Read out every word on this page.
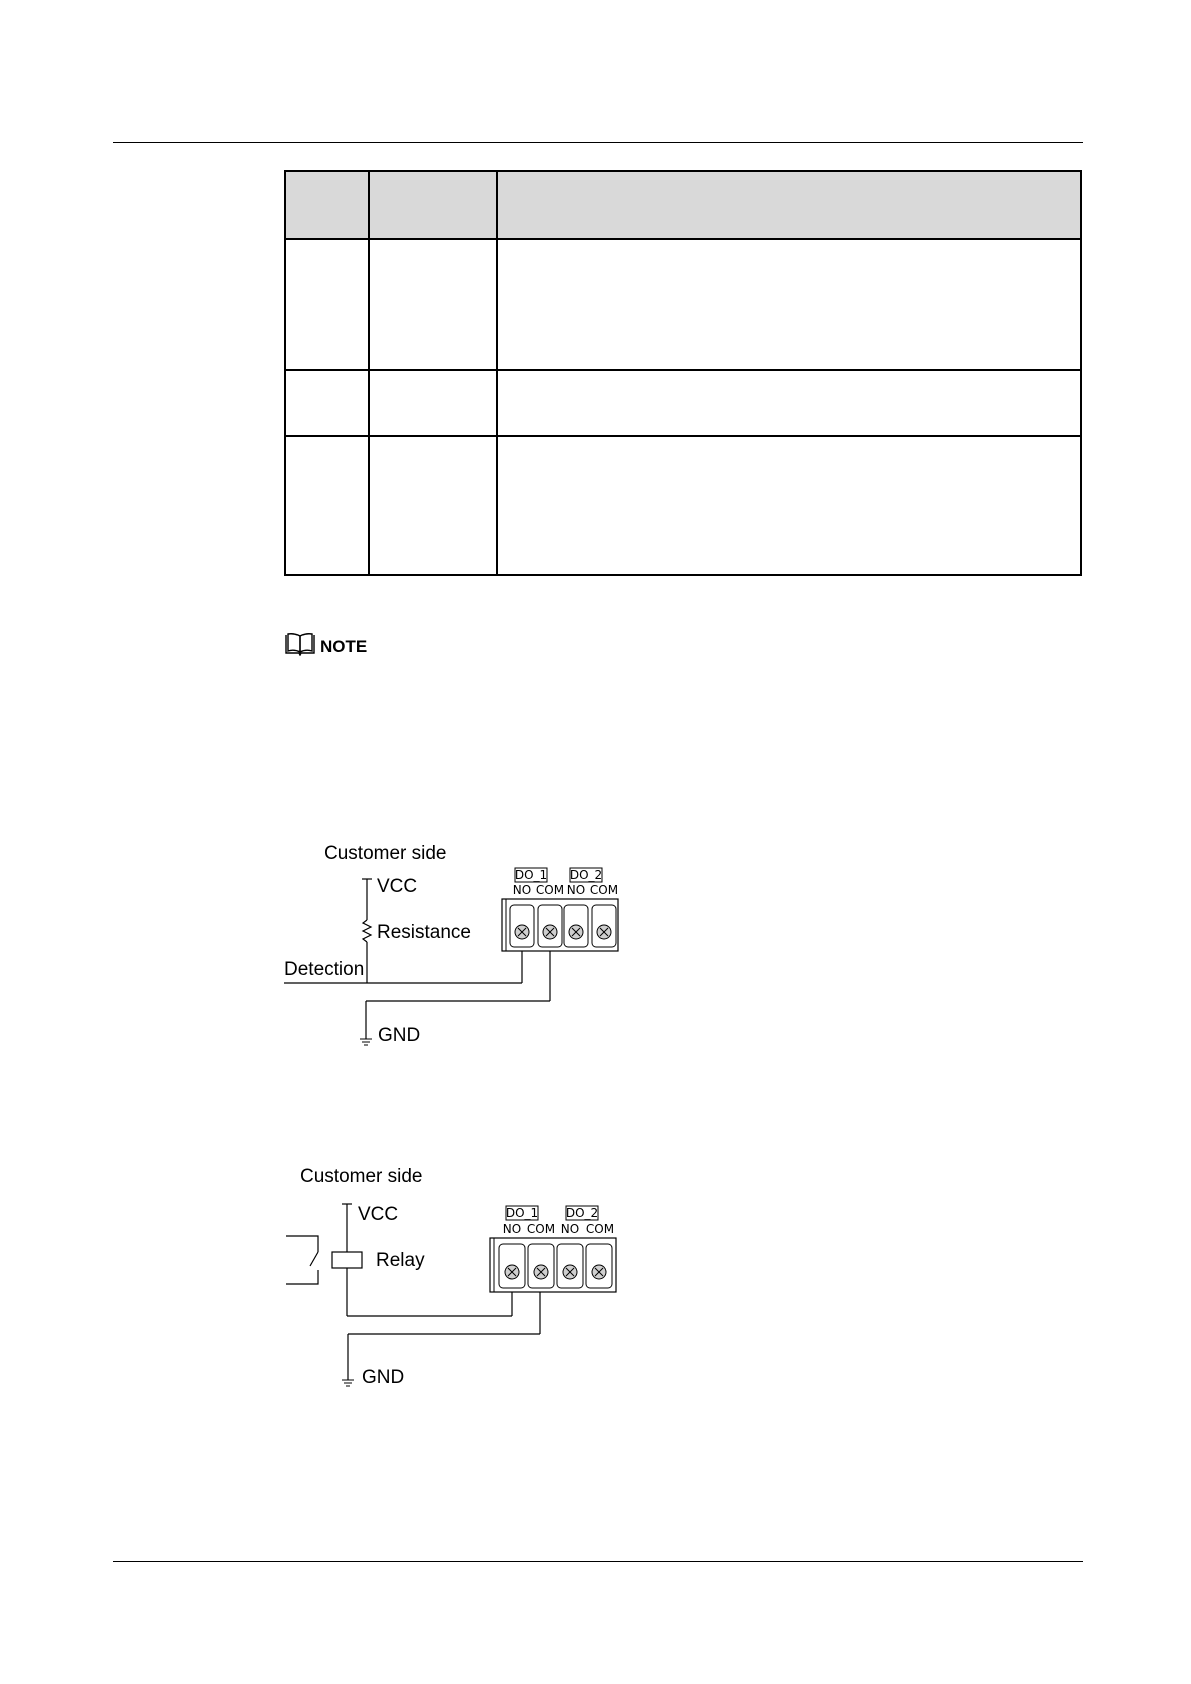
NOTE
Customer side
VCC
Resistance
Detection
GND
DO_1 DO_2
NO COM NO COM
Customer side
VCC
Relay
GND
DO_1 DO_2
NO COM NO COM
